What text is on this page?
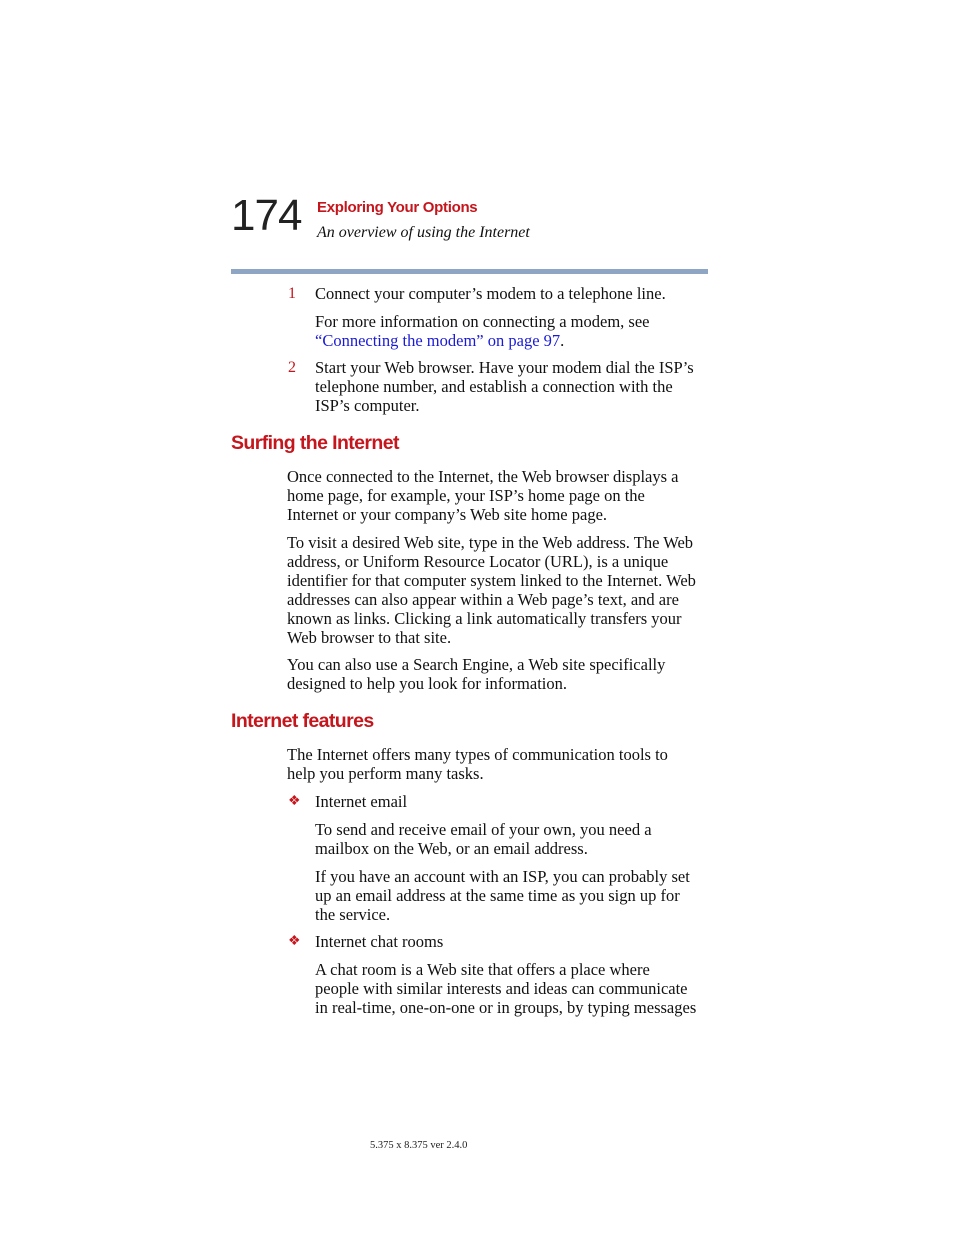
174 Exploring Your Options
An overview of using the Internet
1 Connect your computer’s modem to a telephone line.
For more information on connecting a modem, see
“Connecting the modem” on page 97.
2 Start your Web browser. Have your modem dial the ISP’s
telephone number, and establish a connection with the
ISP’s computer.
Surfing the Internet
Once connected to the Internet, the Web browser displays a
home page, for example, your ISP’s home page on the
Internet or your company’s Web site home page.
To visit a desired Web site, type in the Web address. The Web
address, or Uniform Resource Locator (URL), is a unique
identifier for that computer system linked to the Internet. Web
addresses can also appear within a Web page’s text, and are
known as links. Clicking a link automatically transfers your
Web browser to that site.
You can also use a Search Engine, a Web site specifically
designed to help you look for information.
Internet features
The Internet offers many types of communication tools to
help you perform many tasks.
❖ Internet email
To send and receive email of your own, you need a
mailbox on the Web, or an email address.
If you have an account with an ISP, you can probably set
up an email address at the same time as you sign up for
the service.
❖ Internet chat rooms
A chat room is a Web site that offers a place where
people with similar interests and ideas can communicate
in real-time, one-on-one or in groups, by typing messages
5.375 x 8.375 ver 2.4.0
